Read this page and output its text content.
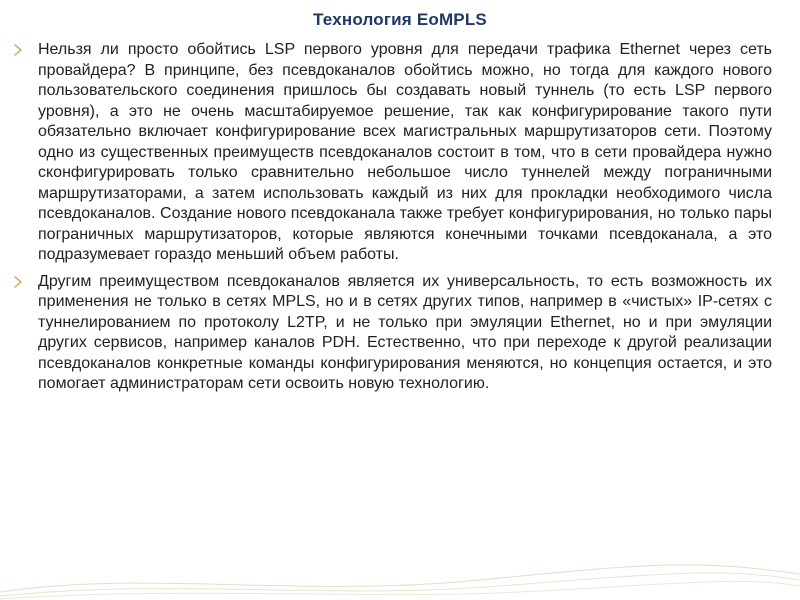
Технология EoMPLS
Нельзя ли просто обойтись LSP первого уровня для передачи трафика Ethernet через сеть провайдера? В принципе, без псевдоканалов обойтись можно, но тогда для каждого нового пользовательского соединения пришлось бы создавать новый туннель (то есть LSP первого уровня), а это не очень масштабируемое решение, так как конфигурирование такого пути обязательно включает конфигурирование всех магистральных маршрутизаторов сети. Поэтому одно из существенных преимуществ псевдоканалов состоит в том, что в сети провайдера нужно сконфигурировать только сравнительно небольшое число туннелей между пограничными маршрутизаторами, а затем использовать каждый из них для прокладки необходимого числа псевдоканалов. Создание нового псевдоканала также требует конфигурирования, но только пары пограничных маршрутизаторов, которые являются конечными точками псевдоканала, а это подразумевает гораздо меньший объем работы.
Другим преимуществом псевдоканалов является их универсальность, то есть возможность их применения не только в сетях MPLS, но и в сетях других типов, например в «чистых» IP-сетях с туннелированием по протоколу L2TP, и не только при эмуляции Ethernet, но и при эмуляции других сервисов, например каналов PDH. Естественно, что при переходе к другой реализации псевдоканалов конкретные команды конфигурирования меняются, но концепция остается, и это помогает администраторам сети освоить новую технологию.
